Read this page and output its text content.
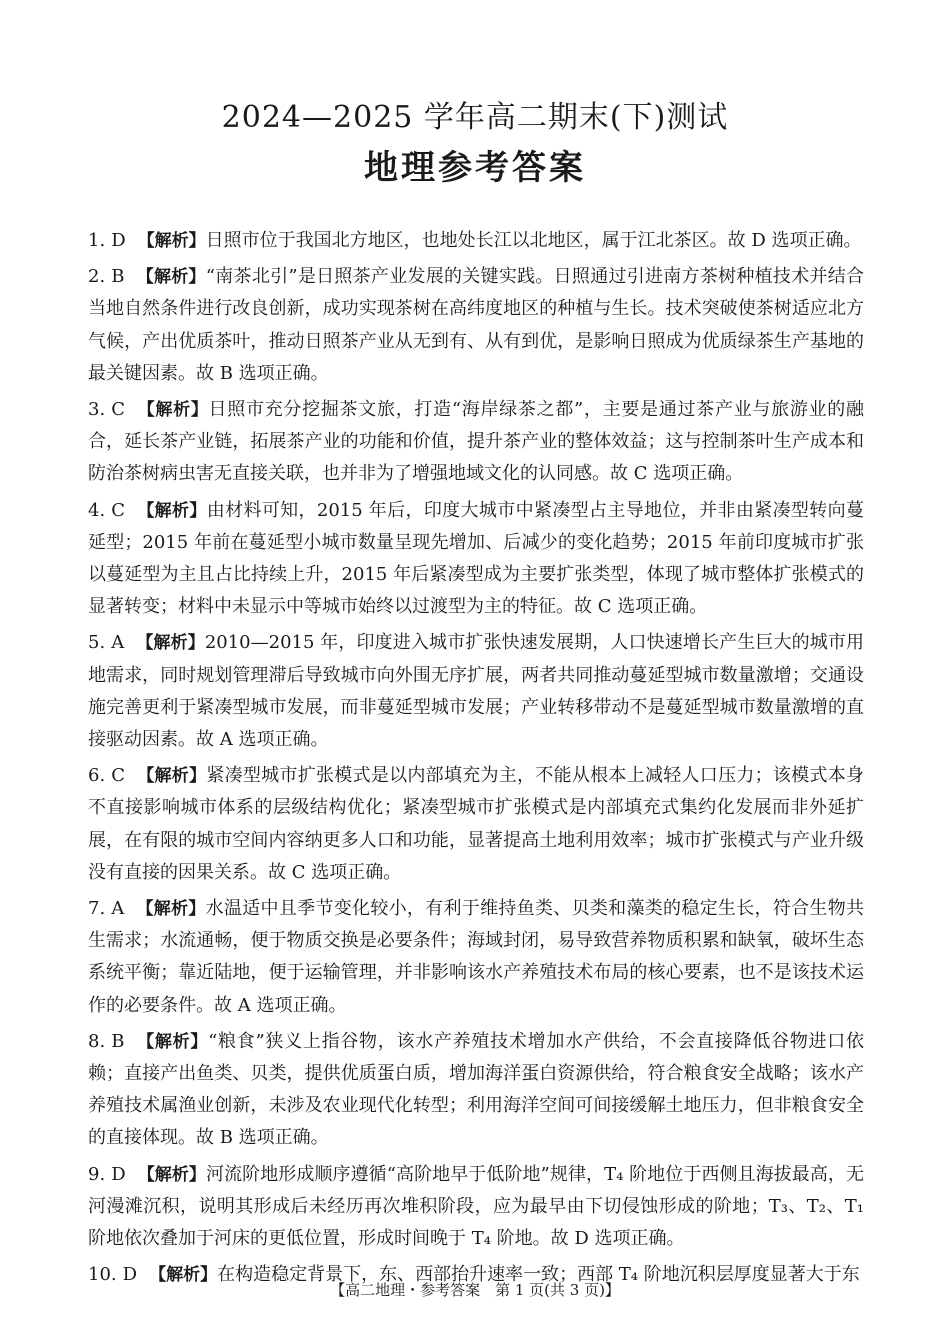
2024—2025 学年高二期末(下)测试
地理参考答案
1. D 【解析】日照市位于我国北方地区，也地处长江以北地区，属于江北茶区。故 D 选项正确。
2. B 【解析】“南茶北引”是日照茶产业发展的关键实践。日照通过引进南方茶树种植技术并结合当地自然条件进行改良创新，成功实现茶树在高纬度地区的种植与生长。技术突破使茶树适应北方气候，产出优质茶叶，推动日照茶产业从无到有、从有到优，是影响日照成为优质绿茶生产基地的最关键因素。故 B 选项正确。
3. C 【解析】日照市充分挖掘茶文旅，打造“海岸绿茶之都”，主要是通过茶产业与旅游业的融合，延长茶产业链，拓展茶产业的功能和价值，提升茶产业的整体效益；这与控制茶叶生产成本和防治茶树病虫害无直接关联，也并非为了增强地域文化的认同感。故 C 选项正确。
4. C 【解析】由材料可知，2015 年后，印度大城市中紧凑型占主导地位，并非由紧凑型转向蔓延型；2015 年前在蔓延型小城市数量呈现先增加、后减少的变化趋势；2015 年前印度城市扩张以蔓延型为主且占比持续上升，2015 年后紧凑型成为主要扩张类型，体现了城市整体扩张模式的显著转变；材料中未显示中等城市始终以过渡型为主的特征。故 C 选项正确。
5. A 【解析】2010—2015 年，印度进入城市扩张快速发展期，人口快速增长产生巨大的城市用地需求，同时规划管理滞后导致城市向外围无序扩展，两者共同推动蔓延型城市数量激增；交通设施完善更利于紧凑型城市发展，而非蔓延型城市发展；产业转移带动不是蔓延型城市数量激增的直接驱动因素。故 A 选项正确。
6. C 【解析】紧凑型城市扩张模式是以内部填充为主，不能从根本上减轻人口压力；该模式本身不直接影响城市体系的层级结构优化；紧凑型城市扩张模式是内部填充式集约化发展而非外延扩展，在有限的城市空间内容纳更多人口和功能，显著提高土地利用效率；城市扩张模式与产业升级没有直接的因果关系。故 C 选项正确。
7. A 【解析】水温适中且季节变化较小，有利于维持鱼类、贝类和藻类的稳定生长，符合生物共生需求；水流通畅，便于物质交换是必要条件；海域封闭，易导致营养物质积累和缺氧，破坏生态系统平衡；靠近陆地，便于运输管理，并非影响该水产养殖技术布局的核心要素，也不是该技术运作的必要条件。故 A 选项正确。
8. B 【解析】“粮食”狭义上指谷物，该水产养殖技术增加水产供给，不会直接降低谷物进口依赖；直接产出鱼类、贝类，提供优质蛋白质，增加海洋蛋白资源供给，符合粮食安全战略；该水产养殖技术属渔业创新，未涉及农业现代化转型；利用海洋空间可间接缓解土地压力，但非粮食安全的直接体现。故 B 选项正确。
9. D 【解析】河流阶地形成顺序遵循“高阶地早于低阶地”规律，T₄ 阶地位于西侧且海拔最高，无河漫滩沉积，说明其形成后未经历再次堆积阶段，应为最早由下切侵蚀形成的阶地；T₃、T₂、T₁ 阶地依次叠加于河床的更低位置，形成时间晚于 T₄ 阶地。故 D 选项正确。
10. D 【解析】在构造稳定背景下，东、西部抬升速率一致；西部 T₄ 阶地沉积层厚度显著大于东
【高二地理・参考答案　第 1 页(共 3 页)】
